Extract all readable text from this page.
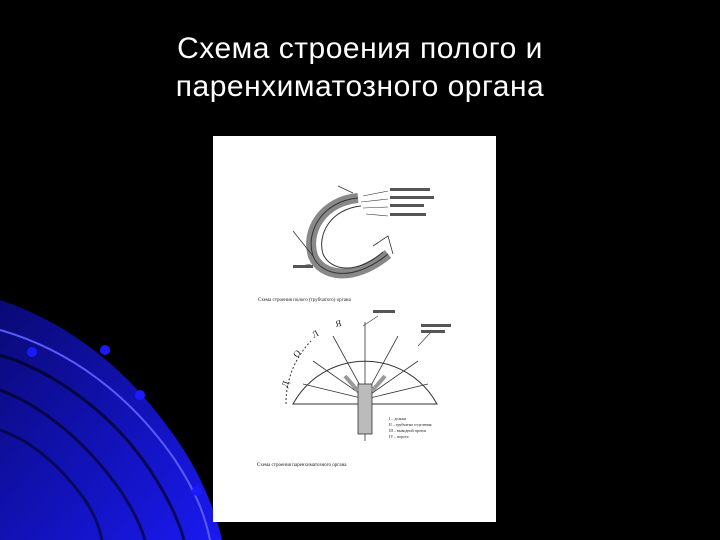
Схема строения полого и
паренхиматозного органа
Схема строения полого (трубчатого) органа
Д
О
Л
Я
I – дольки
II – трубчатые отделения
III – выводной проток
IV – ворота
Схема строения паренхиматозного органа
